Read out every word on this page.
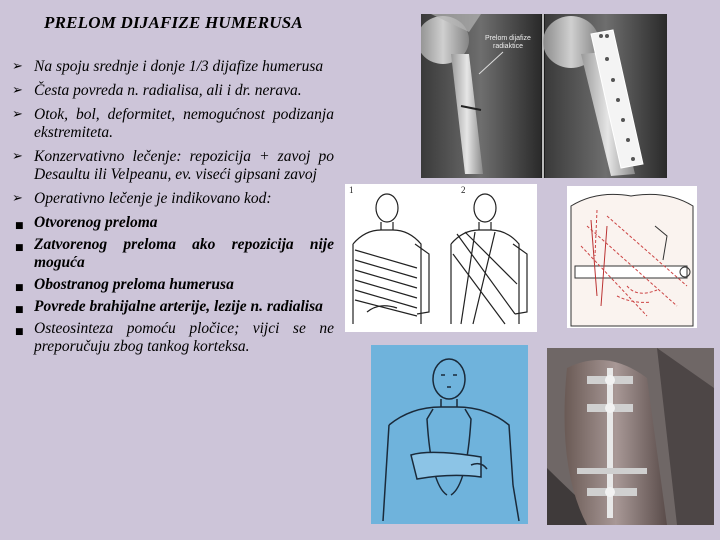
PRELOM DIJAFIZE HUMERUSA
➢ Na spoju srednje i donje 1/3 dijafize humerusa
➢ Česta povreda n. radialisa, ali i dr. nerava.
➢ Otok, bol, deformitet, nemogućnost podizanja ekstremiteta.
➢ Konzervativno lečenje: repozicija + zavoj po Desaultu ili Velpeanu, ev. viseći gipsani zavoj
➢ Operativno lečenje je indikovano kod:
■ Otvorenog preloma
■ Zatvorenog preloma ako repozicija nije moguća
■ Obostranog preloma humerusa
■ Povrede brahijalne arterije, lezije n. radialisa
■ Osteosinteza pomoću pločice; vijci se ne preporučuju zbog tankog korteksa.
Prelom dijafize
radiaktice
1	2
